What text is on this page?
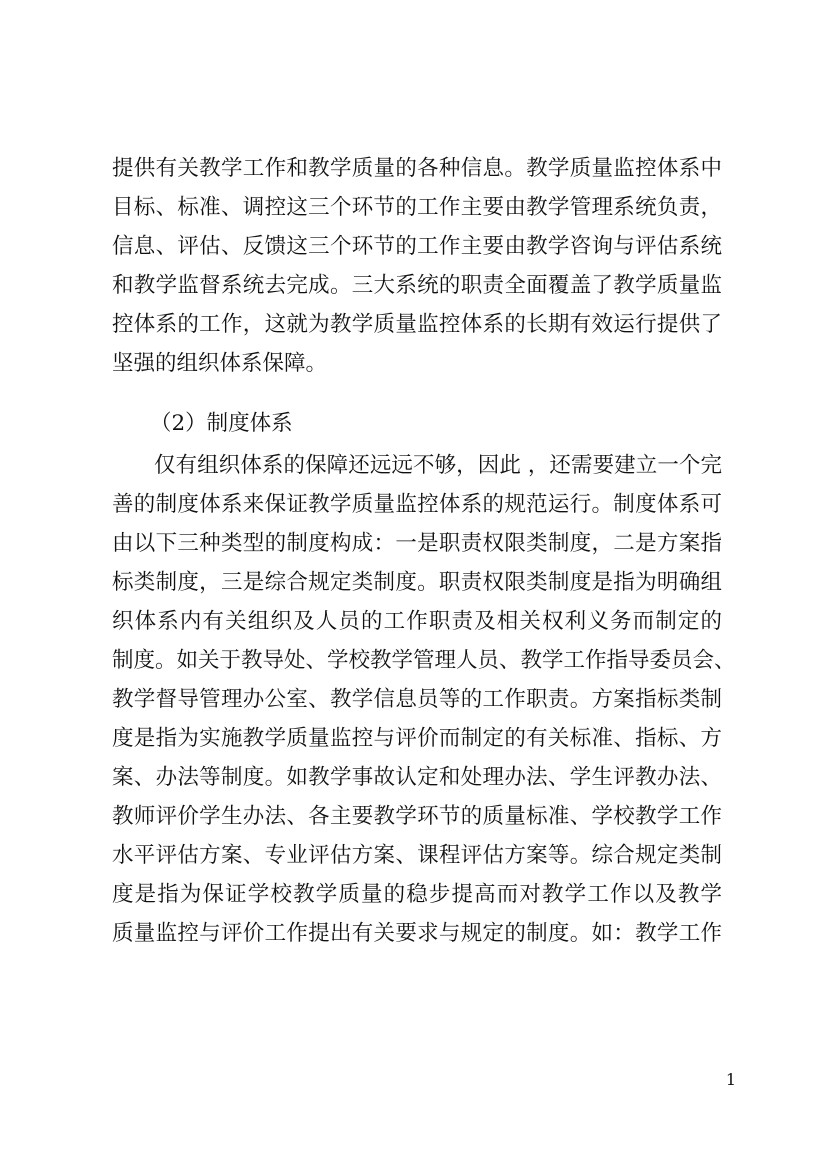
提供有关教学工作和教学质量的各种信息。教学质量监控体系中
目标、标准、调控这三个环节的工作主要由教学管理系统负责，
信息、评估、反馈这三个环节的工作主要由教学咨询与评估系统
和教学监督系统去完成。三大系统的职责全面覆盖了教学质量监
控体系的工作，这就为教学质量监控体系的长期有效运行提供了
坚强的组织体系保障。
（2）制度体系
仅有组织体系的保障还远远不够，因此 ，还需要建立一个完
善的制度体系来保证教学质量监控体系的规范运行。制度体系可
由以下三种类型的制度构成：一是职责权限类制度，二是方案指
标类制度，三是综合规定类制度。职责权限类制度是指为明确组
织体系内有关组织及人员的工作职责及相关权利义务而制定的
制度。如关于教导处、学校教学管理人员、教学工作指导委员会、
教学督导管理办公室、教学信息员等的工作职责。方案指标类制
度是指为实施教学质量监控与评价而制定的有关标准、指标、方
案、办法等制度。如教学事故认定和处理办法、学生评教办法、
教师评价学生办法、各主要教学环节的质量标准、学校教学工作
水平评估方案、专业评估方案、课程评估方案等。综合规定类制
度是指为保证学校教学质量的稳步提高而对教学工作以及教学
质量监控与评价工作提出有关要求与规定的制度。如：教学工作
1
